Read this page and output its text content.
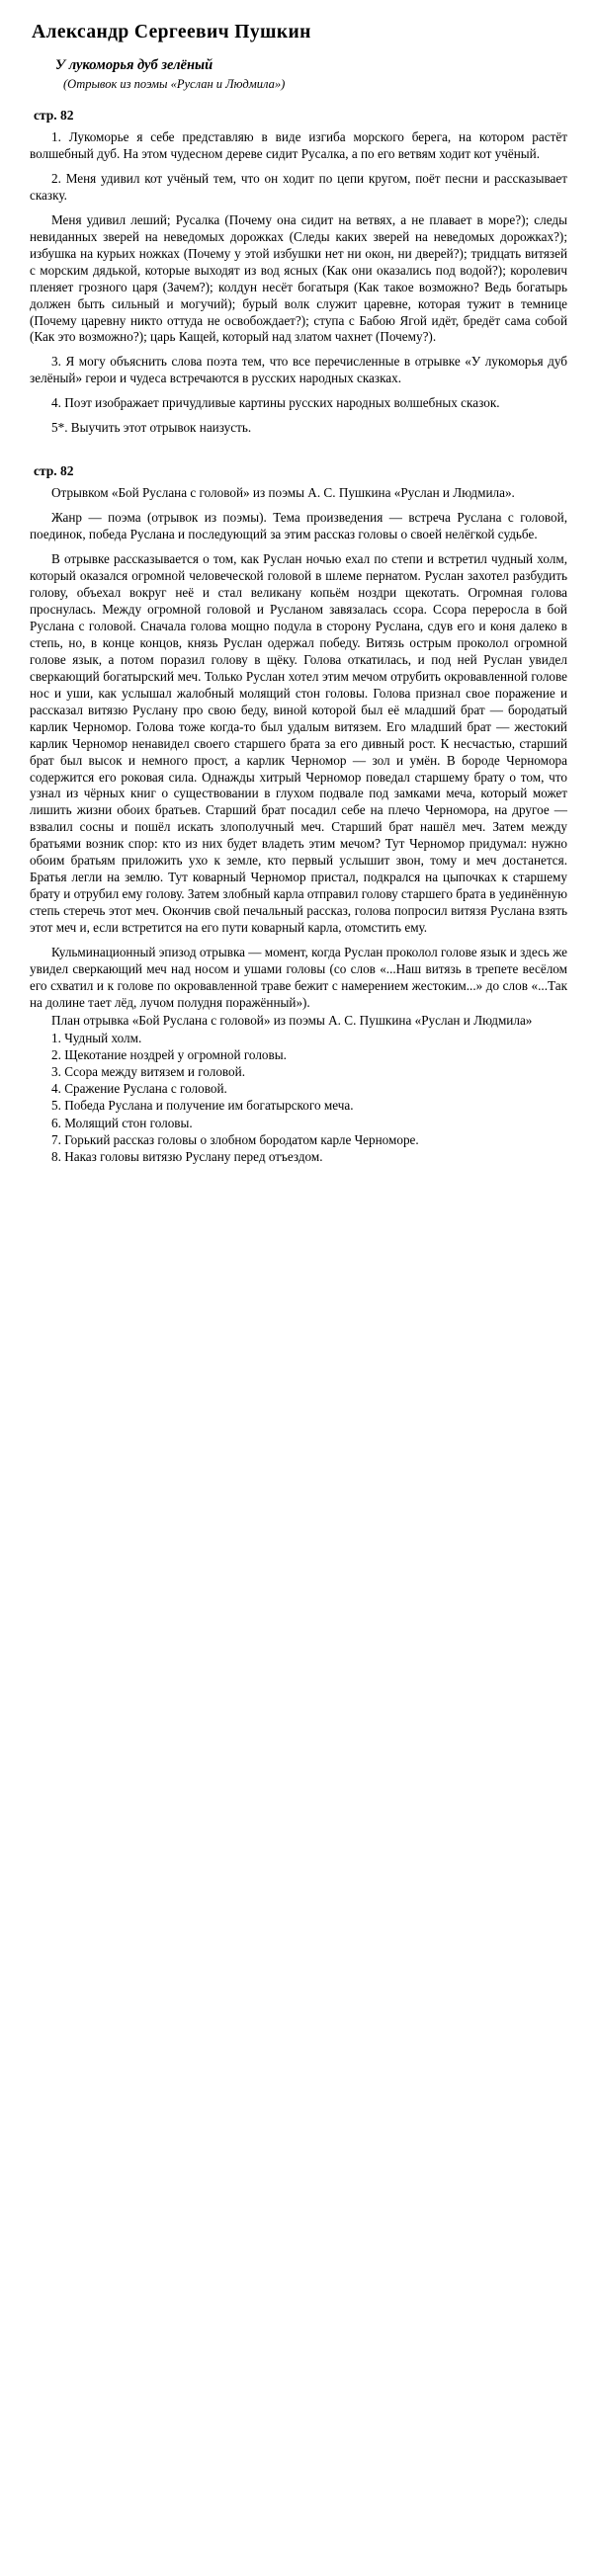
Александр Сергеевич Пушкин
У лукоморья дуб зелёный
(Отрывок из поэмы «Руслан и Людмила»)
стр. 82

1. Лукоморье я себе представляю в виде изгиба морского берега, на котором растёт волшебный дуб. На этом чудесном дереве сидит Русалка, а по его ветвям ходит кот учёный.

2. Меня удивил кот учёный тем, что он ходит по цепи кругом, поёт песни и рассказывает сказку.

Меня удивил леший; Русалка (Почему она сидит на ветвях, а не плавает в море?); следы невиданных зверей на неведомых дорожках (Следы каких зверей на неведомых дорожках?); избушка на курьих ножках (Почему у этой избушки нет ни окон, ни дверей?); тридцать витязей с морским дядькой, которые выходят из вод ясных (Как они оказались под водой?); королевич пленяет грозного царя (Зачем?); колдун несёт богатыря (Как такое возможно? Ведь богатырь должен быть сильный и могучий); бурый волк служит царевне, которая тужит в темнице (Почему царевну никто оттуда не освобождает?); ступа с Бабою Ягой идёт, бредёт сама собой (Как это возможно?); царь Кащей, который над златом чахнет (Почему?).

3. Я могу объяснить слова поэта тем, что все перечисленные в отрывке «У лукоморья дуб зелёный» герои и чудеса встречаются в русских народных сказках.

4. Поэт изображает причудливые картины русских народных волшебных сказок.

5*. Выучить этот отрывок наизусть.

стр. 82

Отрывком «Бой Руслана с головой» из поэмы А. С. Пушкина «Руслан и Людмила».

Жанр — поэма (отрывок из поэмы). Тема произведения — встреча Руслана с головой, поединок, победа Руслана и последующий за этим рассказ головы о своей нелёгкой судьбе.

В отрывке рассказывается о том, как Руслан ночью ехал по степи и встретил чудный холм, который оказался огромной человеческой головой в шлеме пернатом. Руслан захотел разбудить голову, объехал вокруг неё и стал великану копьём ноздри щекотать. Огромная голова проснулась. Между огромной головой и Русланом завязалась ссора. Ссора переросла в бой Руслана с головой. Сначала голова мощно подула в сторону Руслана, сдув его и коня далеко в степь, но, в конце концов, князь Руслан одержал победу. Витязь острым проколол огромной голове язык, а потом поразил голову в щёку. Голова откатилась, и под ней Руслан увидел сверкающий богатырский меч. Только Руслан хотел этим мечом отрубить окровавленной голове нос и уши, как услышал жалобный молящий стон головы. Голова признал свое поражение и рассказал витязю Руслану про свою беду, виной которой был её младший брат — бородатый карлик Черномор. Голова тоже когда-то был удалым витязем. Его младший брат — жестокий карлик Черномор ненавидел своего старшего брата за его дивный рост. К несчастью, старший брат был высок и немного прост, а карлик Черномор — зол и умён. В бороде Черномора содержится его роковая сила. Однажды хитрый Черномор поведал старшему брату о том, что узнал из чёрных книг о существовании в глухом подвале под замками меча, который может лишить жизни обоих братьев. Старший брат посадил себе на плечо Черномора, на другое — взвалил сосны и пошёл искать злополучный меч. Старший брат нашёл меч. Затем между братьями возник спор: кто из них будет владеть этим мечом? Тут Черномор придумал: нужно обоим братьям приложить ухо к земле, кто первый услышит звон, тому и меч достанется. Братья легли на землю. Тут коварный Черномор пристал, подкрался на цыпочках к старшему брату и отрубил ему голову. Затем злобный карла отправил голову старшего брата в уединённую степь стеречь этот меч. Окончив свой печальный рассказ, голова попросил витязя Руслана взять этот меч и, если встретится на его пути коварный карла, отомстить ему.

Кульминационный эпизод отрывка — момент, когда Руслан проколол голове язык и здесь же увидел сверкающий меч над носом и ушами головы (со слов «...Наш витязь в трепете весёлом его схватил и к голове по окровавленной траве бежит с намерением жестоким...» до слов «...Так на долине тает лёд, лучом полудня поражённый»).

План отрывка «Бой Руслана с головой» из поэмы А. С. Пушкина «Руслан и Людмила»

1. Чудный холм.
2. Щекотание ноздрей у огромной головы.
3. Ссора между витязем и головой.
4. Сражение Руслана с головой.
5. Победа Руслана и получение им богатырского меча.
6. Молящий стон головы.
7. Горький рассказ головы о злобном бородатом карле Черноморе.
8. Наказ головы витязю Руслану перед отъездом.
